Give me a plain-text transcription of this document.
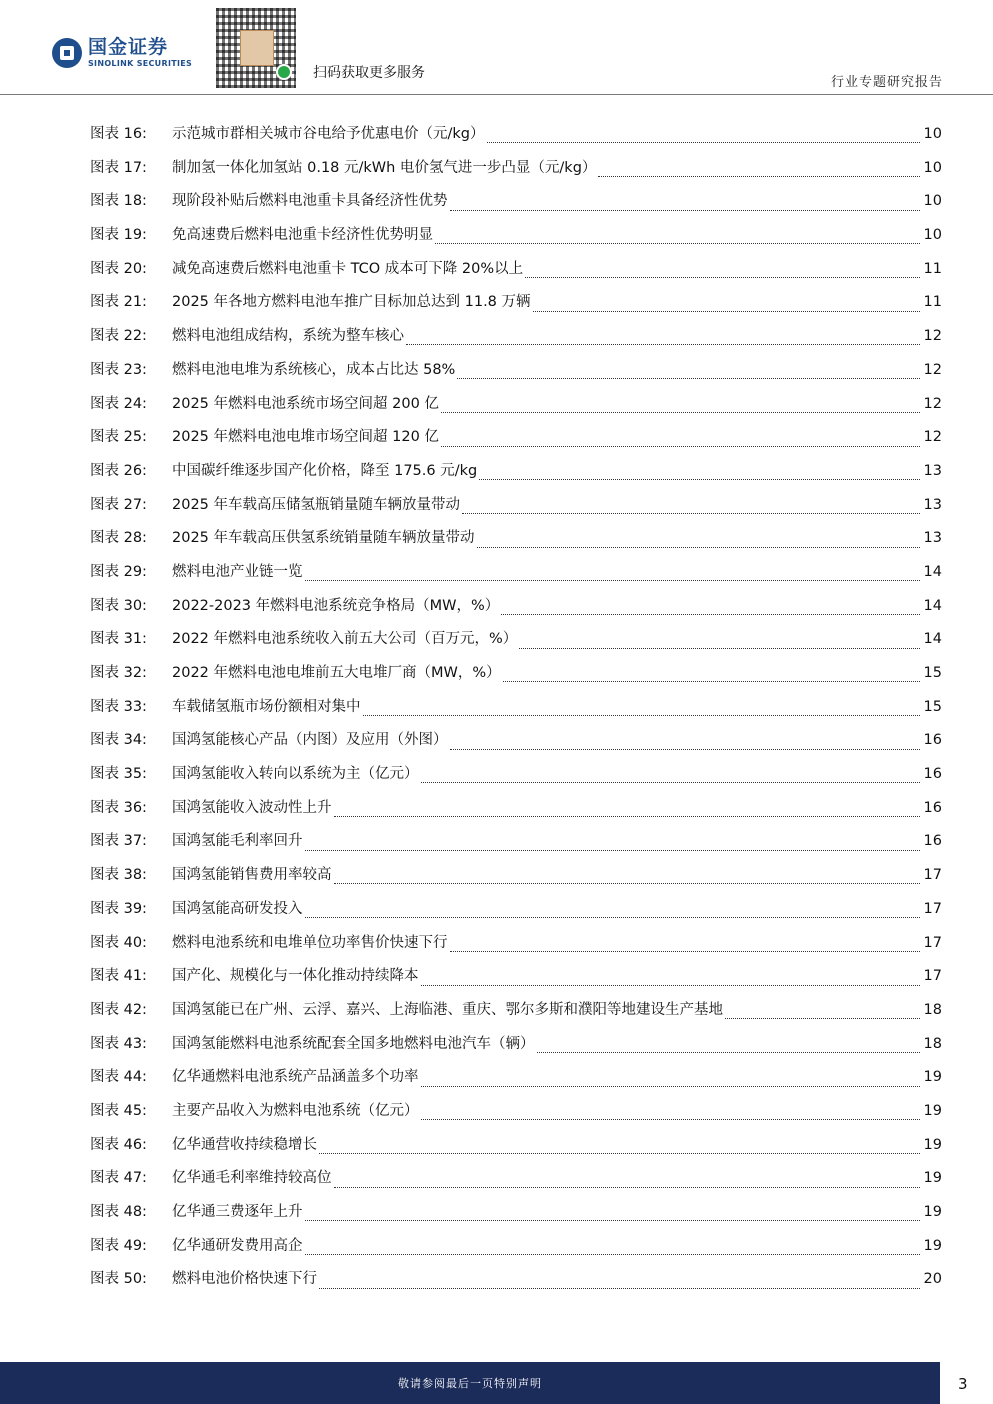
国金证券
SINOLINK SECURITIES
扫码获取更多服务
行业专题研究报告
图表 16:	示范城市群相关城市谷电给予优惠电价（元/kg）	10
图表 17:	制加氢一体化加氢站 0.18 元/kWh 电价氢气进一步凸显（元/kg）	10
图表 18:	现阶段补贴后燃料电池重卡具备经济性优势	10
图表 19:	免高速费后燃料电池重卡经济性优势明显	10
图表 20:	减免高速费后燃料电池重卡 TCO 成本可下降 20%以上	11
图表 21:	2025 年各地方燃料电池车推广目标加总达到 11.8 万辆	11
图表 22:	燃料电池组成结构，系统为整车核心	12
图表 23:	燃料电池电堆为系统核心，成本占比达 58%	12
图表 24:	2025 年燃料电池系统市场空间超 200 亿	12
图表 25:	2025 年燃料电池电堆市场空间超 120 亿	12
图表 26:	中国碳纤维逐步国产化价格，降至 175.6 元/kg	13
图表 27:	2025 年车载高压储氢瓶销量随车辆放量带动	13
图表 28:	2025 年车载高压供氢系统销量随车辆放量带动	13
图表 29:	燃料电池产业链一览	14
图表 30:	2022-2023 年燃料电池系统竞争格局（MW，%）	14
图表 31:	2022 年燃料电池系统收入前五大公司（百万元，%）	14
图表 32:	2022 年燃料电池电堆前五大电堆厂商（MW，%）	15
图表 33:	车载储氢瓶市场份额相对集中	15
图表 34:	国鸿氢能核心产品（内图）及应用（外图）	16
图表 35:	国鸿氢能收入转向以系统为主（亿元）	16
图表 36:	国鸿氢能收入波动性上升	16
图表 37:	国鸿氢能毛利率回升	16
图表 38:	国鸿氢能销售费用率较高	17
图表 39:	国鸿氢能高研发投入	17
图表 40:	燃料电池系统和电堆单位功率售价快速下行	17
图表 41:	国产化、规模化与一体化推动持续降本	17
图表 42:	国鸿氢能已在广州、云浮、嘉兴、上海临港、重庆、鄂尔多斯和濮阳等地建设生产基地	18
图表 43:	国鸿氢能燃料电池系统配套全国多地燃料电池汽车（辆）	18
图表 44:	亿华通燃料电池系统产品涵盖多个功率	19
图表 45:	主要产品收入为燃料电池系统（亿元）	19
图表 46:	亿华通营收持续稳增长	19
图表 47:	亿华通毛利率维持较高位	19
图表 48:	亿华通三费逐年上升	19
图表 49:	亿华通研发费用高企	19
图表 50:	燃料电池价格快速下行	20
敬请参阅最后一页特别声明	3
